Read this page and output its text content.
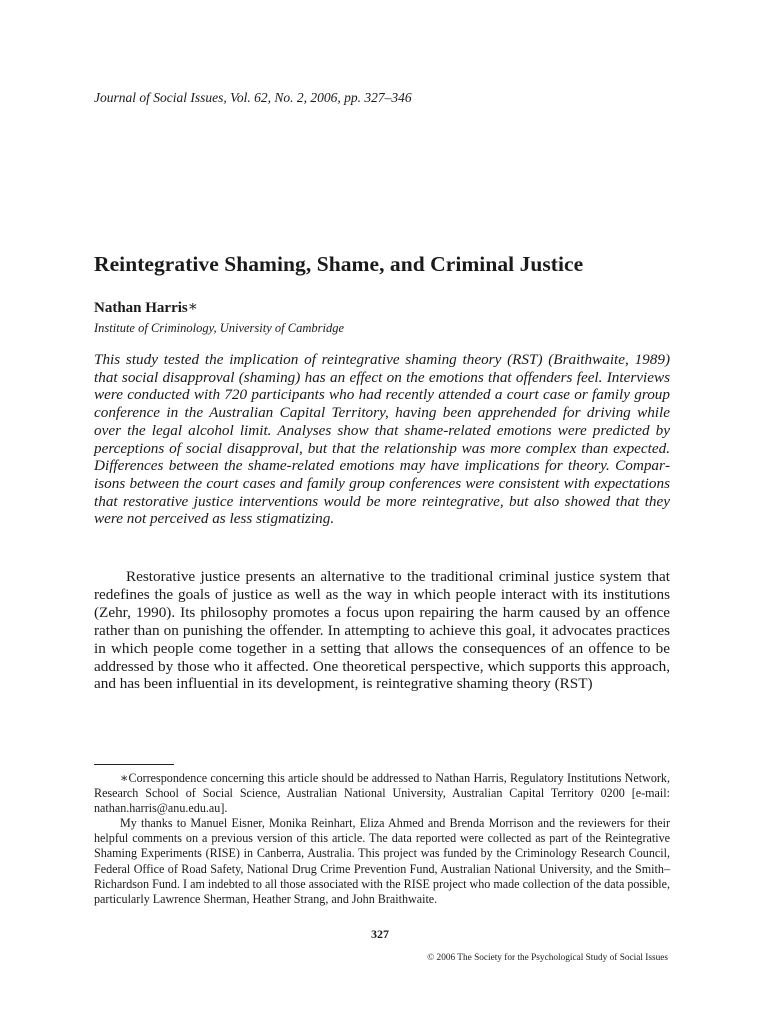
Journal of Social Issues, Vol. 62, No. 2, 2006, pp. 327–346

Reintegrative Shaming, Shame, and Criminal Justice

Nathan Harris∗

Institute of Criminology, University of Cambridge

This study tested the implication of reintegrative shaming theory (RST) (Braithwaite, 1989) that social disapproval (shaming) has an effect on the emotions that offenders feel. Interviews were conducted with 720 participants who had recently attended a court case or family group conference in the Australian Capital Territory, having been apprehended for driving while over the legal alcohol limit. Analyses show that shame-related emotions were predicted by perceptions of social disapproval, but that the relationship was more complex than expected. Differences between the shame-related emotions may have implications for theory. Comparisons between the court cases and family group conferences were consistent with expectations that restorative justice interventions would be more reintegrative, but also showed that they were not perceived as less stigmatizing.

Restorative justice presents an alternative to the traditional criminal justice system that redefines the goals of justice as well as the way in which people interact with its institutions (Zehr, 1990). Its philosophy promotes a focus upon repairing the harm caused by an offence rather than on punishing the offender. In attempting to achieve this goal, it advocates practices in which people come together in a setting that allows the consequences of an offence to be addressed by those who it affected. One theoretical perspective, which supports this approach, and has been influential in its development, is reintegrative shaming theory (RST)

∗Correspondence concerning this article should be addressed to Nathan Harris, Regulatory Institutions Network, Research School of Social Science, Australian National University, Australian Capital Territory 0200 [e-mail: nathan.harris@anu.edu.au].

My thanks to Manuel Eisner, Monika Reinhart, Eliza Ahmed and Brenda Morrison and the reviewers for their helpful comments on a previous version of this article. The data reported were collected as part of the Reintegrative Shaming Experiments (RISE) in Canberra, Australia. This project was funded by the Criminology Research Council, Federal Office of Road Safety, National Drug Crime Prevention Fund, Australian National University, and the Smith–Richardson Fund. I am indebted to all those associated with the RISE project who made collection of the data possible, particularly Lawrence Sherman, Heather Strang, and John Braithwaite.

327

© 2006 The Society for the Psychological Study of Social Issues
